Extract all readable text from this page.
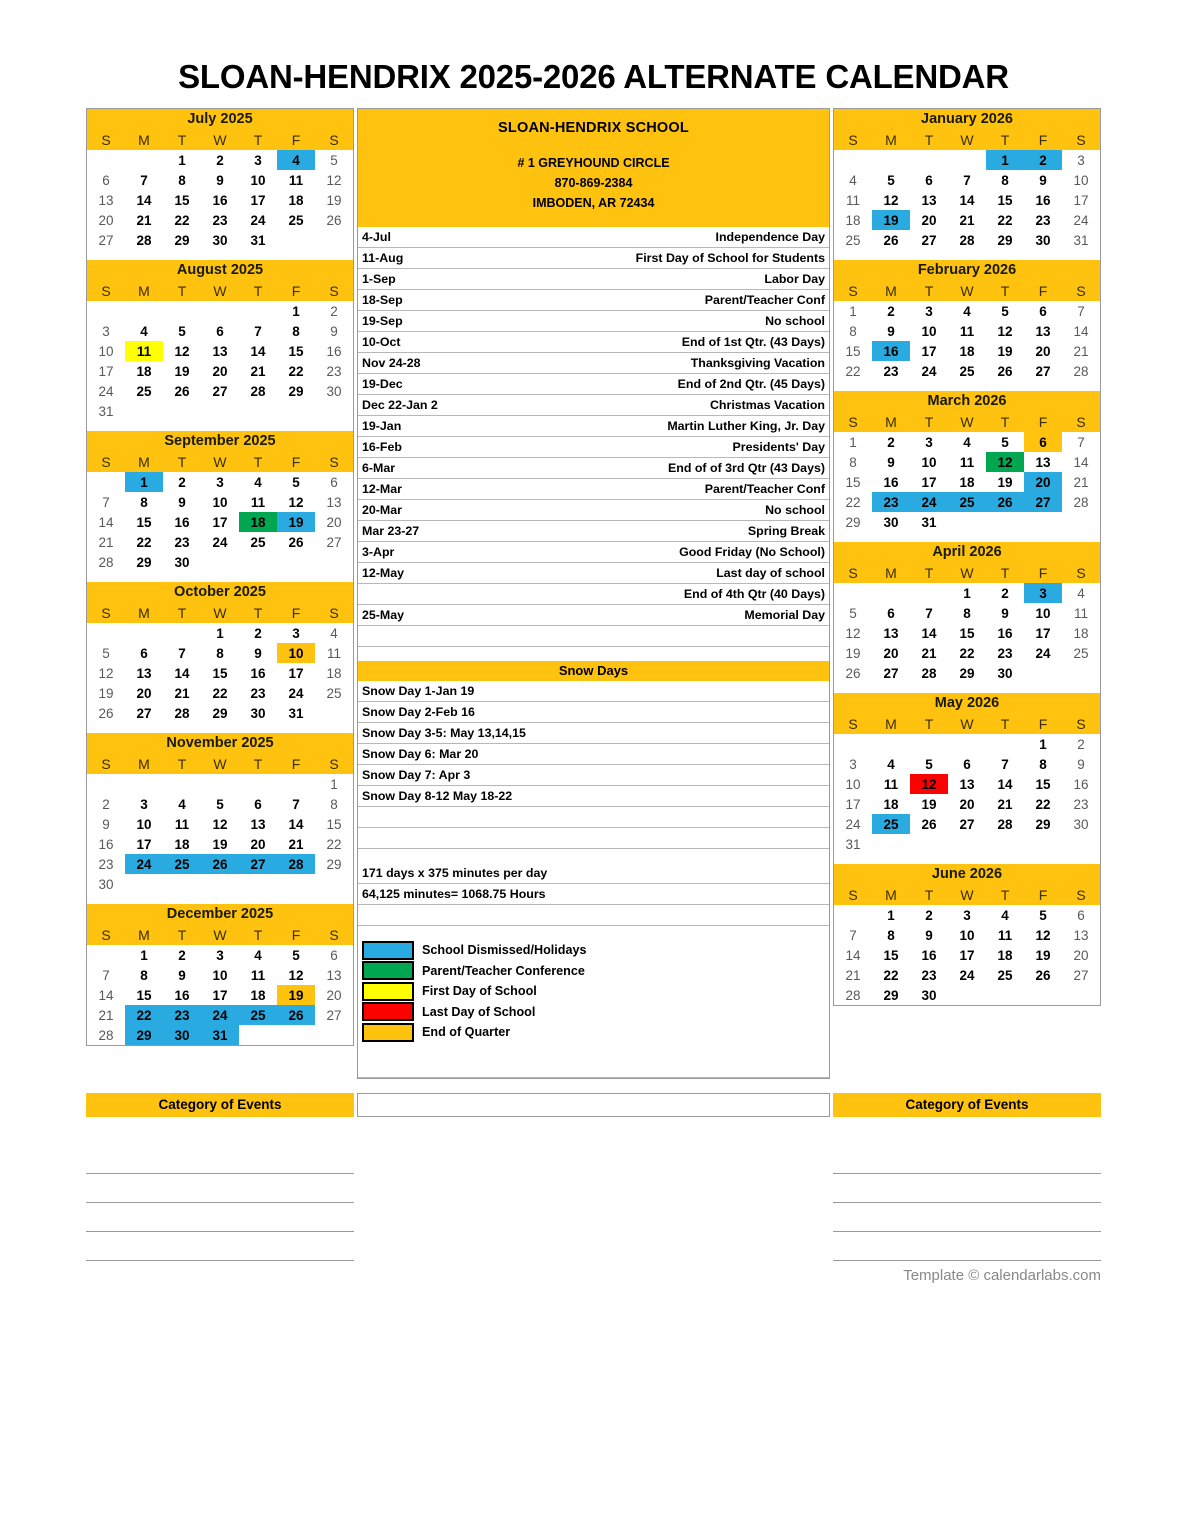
SLOAN-HENDRIX 2025-2026 ALTERNATE CALENDAR
July 2025
S	M	T	W	T	F	S
		1	2	3	4	5
6	7	8	9	10	11	12
13	14	15	16	17	18	19
20	21	22	23	24	25	26
27	28	29	30	31		
August 2025
S	M	T	W	T	F	S
					1	2
3	4	5	6	7	8	9
10	11	12	13	14	15	16
17	18	19	20	21	22	23
24	25	26	27	28	29	30
31						
September 2025
S	M	T	W	T	F	S
	1	2	3	4	5	6
7	8	9	10	11	12	13
14	15	16	17	18	19	20
21	22	23	24	25	26	27
28	29	30				
October 2025
S	M	T	W	T	F	S
			1	2	3	4
5	6	7	8	9	10	11
12	13	14	15	16	17	18
19	20	21	22	23	24	25
26	27	28	29	30	31	
November 2025
S	M	T	W	T	F	S
						1
2	3	4	5	6	7	8
9	10	11	12	13	14	15
16	17	18	19	20	21	22
23	24	25	26	27	28	29
30						
December 2025
S	M	T	W	T	F	S
	1	2	3	4	5	6
7	8	9	10	11	12	13
14	15	16	17	18	19	20
21	22	23	24	25	26	27
28	29	30	31			
SLOAN-HENDRIX SCHOOL
# 1 GREYHOUND CIRCLE
870-869-2384
IMBODEN, AR 72434
4-Jul	Independence Day
11-Aug	First Day of School for Students
1-Sep	Labor Day
18-Sep	Parent/Teacher Conf
19-Sep	No school
10-Oct	End of 1st Qtr. (43 Days)
Nov 24-28	Thanksgiving Vacation
19-Dec	End of 2nd Qtr. (45 Days)
Dec 22-Jan 2	Christmas Vacation
19-Jan	Martin Luther King, Jr. Day
16-Feb	Presidents' Day
6-Mar	End of of 3rd Qtr (43 Days)
12-Mar	Parent/Teacher Conf
20-Mar	No school
Mar 23-27	Spring Break
3-Apr	Good Friday (No School)
12-May	Last day of school
	End of 4th Qtr (40 Days)
25-May	Memorial Day

Snow Days
Snow Day 1-Jan 19
Snow Day 2-Feb 16
Snow Day 3-5: May 13,14,15
Snow Day 6: Mar 20
Snow Day 7: Apr 3
Snow Day 8-12 May 18-22

171 days x 375 minutes per day
64,125 minutes= 1068.75 Hours

School Dismissed/Holidays
Parent/Teacher Conference
First Day of School
Last Day of School
End of Quarter

January 2026
S	M	T	W	T	F	S
				1	2	3
4	5	6	7	8	9	10
11	12	13	14	15	16	17
18	19	20	21	22	23	24
25	26	27	28	29	30	31
February 2026
S	M	T	W	T	F	S
1	2	3	4	5	6	7
8	9	10	11	12	13	14
15	16	17	18	19	20	21
22	23	24	25	26	27	28
March 2026
S	M	T	W	T	F	S
1	2	3	4	5	6	7
8	9	10	11	12	13	14
15	16	17	18	19	20	21
22	23	24	25	26	27	28
29	30	31				
April 2026
S	M	T	W	T	F	S
			1	2	3	4
5	6	7	8	9	10	11
12	13	14	15	16	17	18
19	20	21	22	23	24	25
26	27	28	29	30		
May 2026
S	M	T	W	T	F	S
					1	2
3	4	5	6	7	8	9
10	11	12	13	14	15	16
17	18	19	20	21	22	23
24	25	26	27	28	29	30
31						
June 2026
S	M	T	W	T	F	S
	1	2	3	4	5	6
7	8	9	10	11	12	13
14	15	16	17	18	19	20
21	22	23	24	25	26	27
28	29	30				
Category of Events	Category of Events
Template © calendarlabs.com
